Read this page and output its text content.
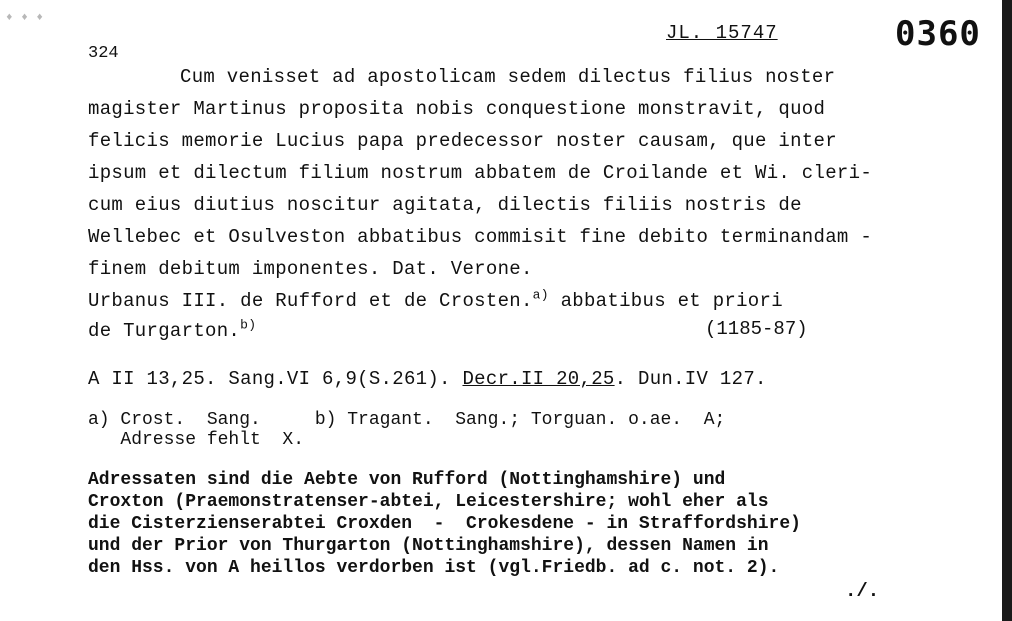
♦ ♦ ♦
324
JL. 15747	0360
Cum venisset ad apostolicam sedem dilectus filius noster
magister Martinus proposita nobis conquestione monstravit, quod
felicis memorie Lucius papa predecessor noster causam, que inter
ipsum et dilectum filium nostrum abbatem de Croilande et Wi. cleri-
cum eius diutius noscitur agitata, dilectis filiis nostris de
Wellebec et Osulveston abbatibus commisit fine debito terminandam -
finem debitum imponentes. Dat. Verone.
Urbanus III. de Rufford et de Crosten.$^{a)}$ abbatibus et priori
de Turgarton.$^{b)}$	(1185-87)
A II 13,25. Sang.VI 6,9(S.261). Decr.II 20,25. Dun.IV 127.
a) Crost.  Sang.     b) Tragant.  Sang.; Torguan. o.ae.  A;
Adresse fehlt  X.
Adressaten sind die Aebte von Rufford (Nottinghamshire) und
Croxton (Praemonstratenser-abtei, Leicestershire; wohl eher als
die Cisterzienserabtei Croxden  -  Crokesdene - in Straffordshire)
und der Prior von Thurgarton (Nottinghamshire), dessen Namen in
den Hss. von A heillos verdorben ist (vgl.Friedb. ad c. not. 2).
./.
